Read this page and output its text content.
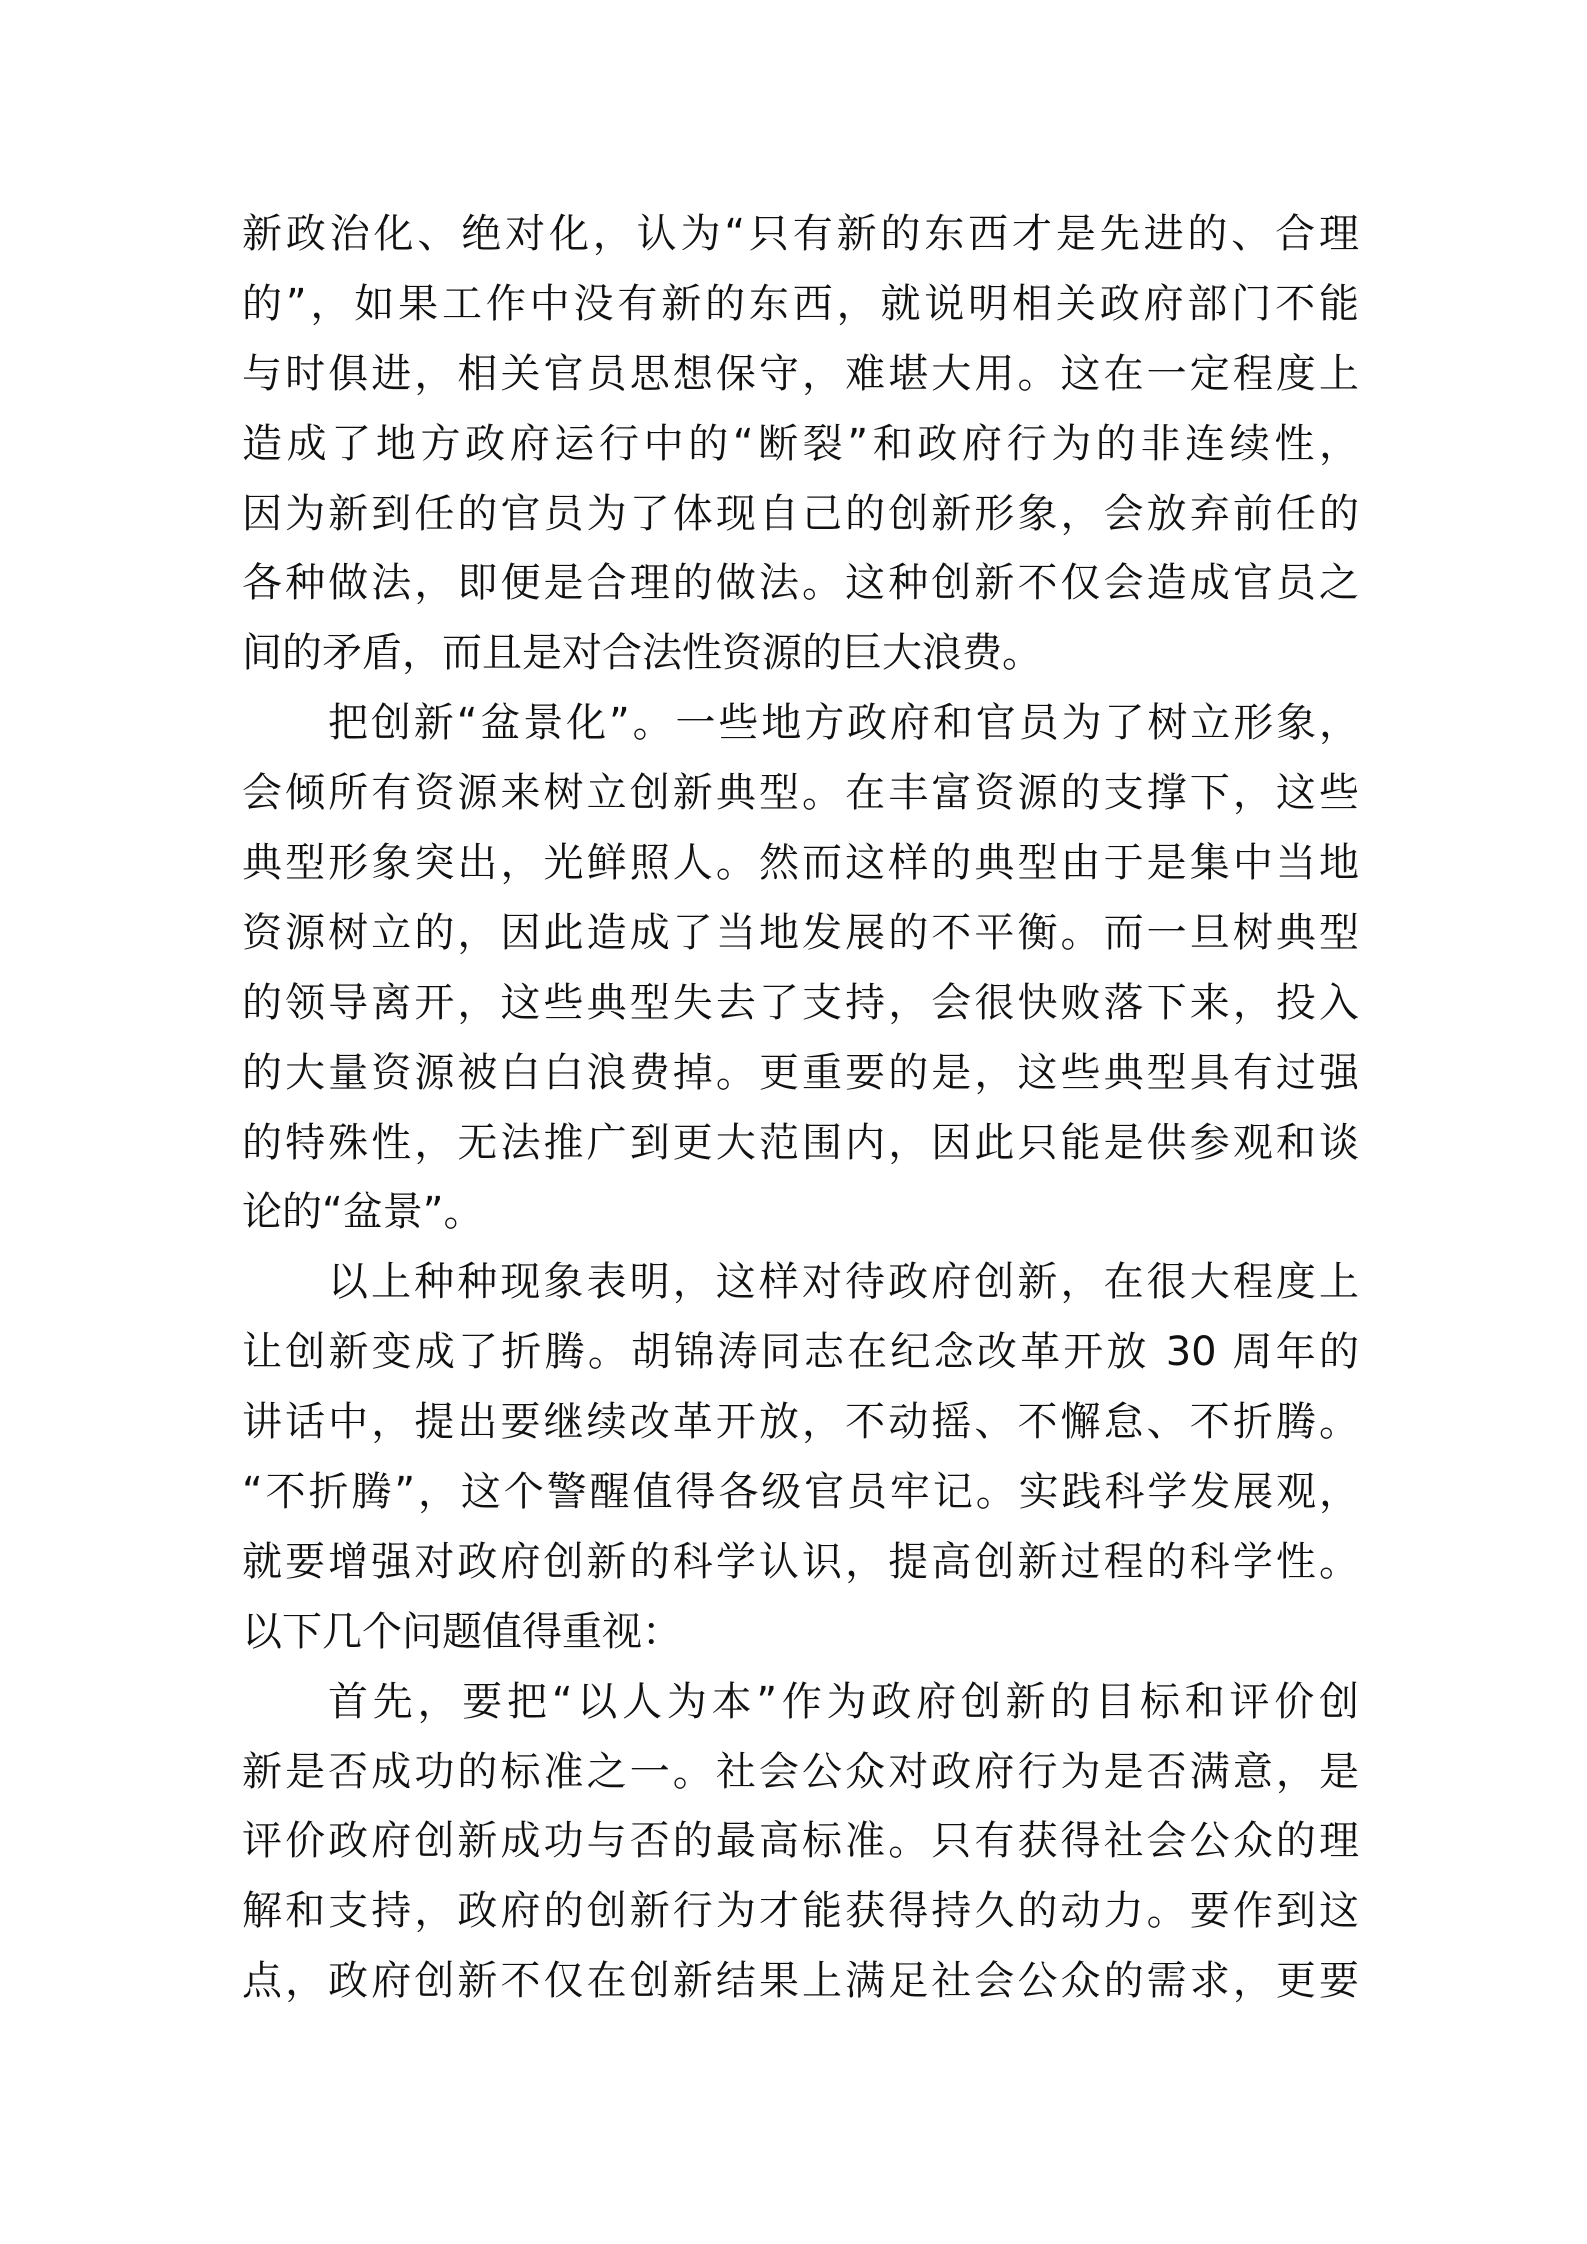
新政治化、绝对化，认为“只有新的东西才是先进的、合理
的”，如果工作中没有新的东西，就说明相关政府部门不能
与时俱进，相关官员思想保守，难堪大用。这在一定程度上
造成了地方政府运行中的“断裂”和政府行为的非连续性，
因为新到任的官员为了体现自己的创新形象，会放弃前任的
各种做法，即便是合理的做法。这种创新不仅会造成官员之
间的矛盾，而且是对合法性资源的巨大浪费。
把创新“盆景化”。一些地方政府和官员为了树立形象，
会倾所有资源来树立创新典型。在丰富资源的支撑下，这些
典型形象突出，光鲜照人。然而这样的典型由于是集中当地
资源树立的，因此造成了当地发展的不平衡。而一旦树典型
的领导离开，这些典型失去了支持，会很快败落下来，投入
的大量资源被白白浪费掉。更重要的是，这些典型具有过强
的特殊性，无法推广到更大范围内，因此只能是供参观和谈
论的“盆景”。
以上种种现象表明，这样对待政府创新，在很大程度上
让创新变成了折腾。胡锦涛同志在纪念改革开放 30 周年的
讲话中，提出要继续改革开放，不动摇、不懈怠、不折腾。
“不折腾”，这个警醒值得各级官员牢记。实践科学发展观，
就要增强对政府创新的科学认识，提高创新过程的科学性。
以下几个问题值得重视：
首先，要把“以人为本”作为政府创新的目标和评价创
新是否成功的标准之一。社会公众对政府行为是否满意，是
评价政府创新成功与否的最高标准。只有获得社会公众的理
解和支持，政府的创新行为才能获得持久的动力。要作到这
点，政府创新不仅在创新结果上满足社会公众的需求，更要
